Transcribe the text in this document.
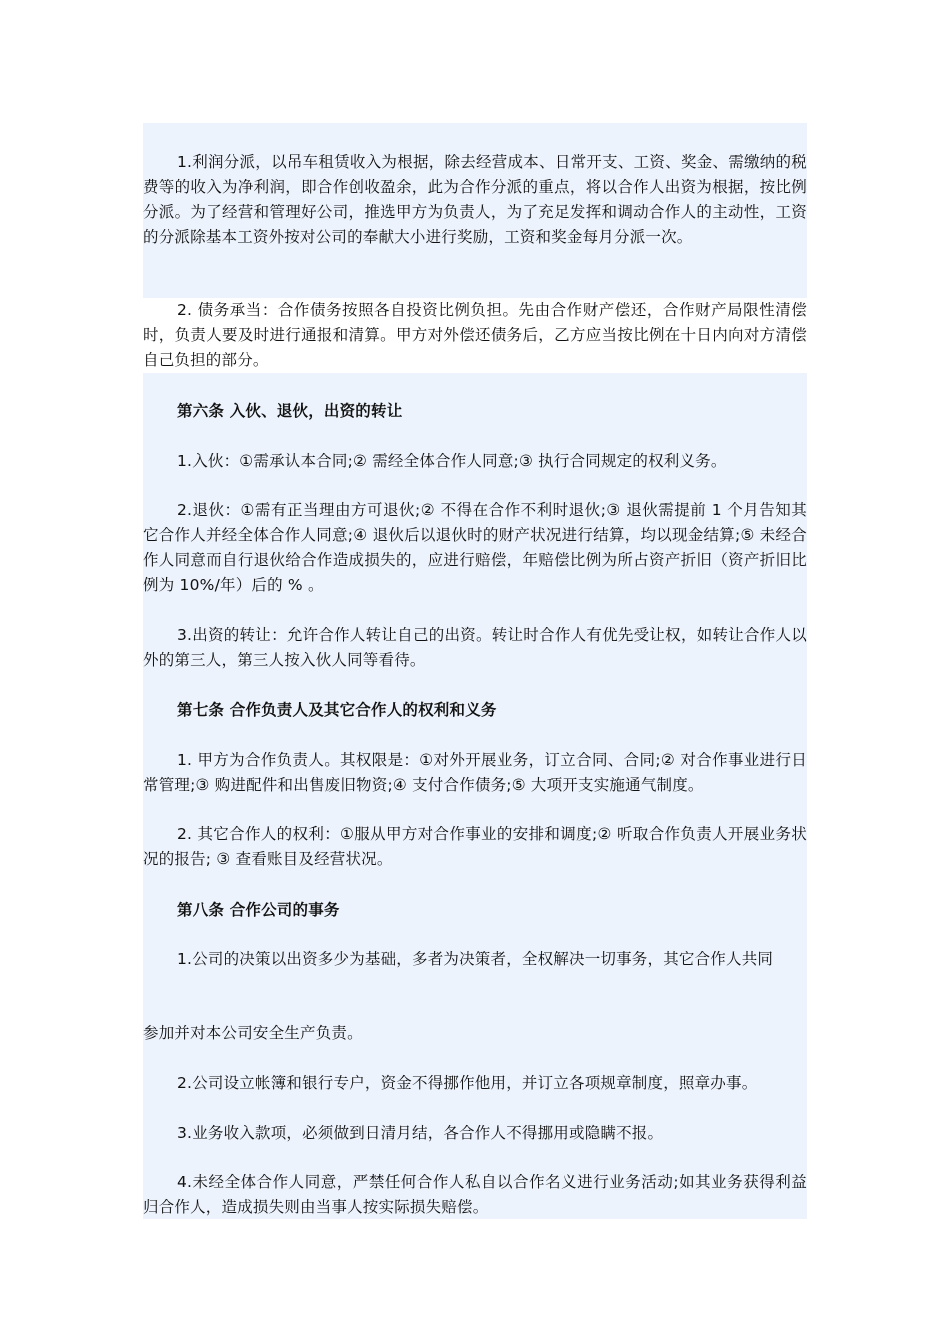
1.利润分派，以吊车租赁收入为根据，除去经营成本、日常开支、工资、奖金、需缴纳的税费等的收入为净利润，即合作创收盈余，此为合作分派的重点，将以合作人出资为根据，按比例分派。为了经营和管理好公司，推选甲方为负责人，为了充足发挥和调动合作人的主动性，工资的分派除基本工资外按对公司的奉献大小进行奖励，工资和奖金每月分派一次。

2. 债务承当：合作债务按照各自投资比例负担。先由合作财产偿还，合作财产局限性清偿时，负责人要及时进行通报和清算。甲方对外偿还债务后，乙方应当按比例在十日内向对方清偿自己负担的部分。

第六条 入伙、退伙，出资的转让

1.入伙：①需承认本合同;② 需经全体合作人同意;③ 执行合同规定的权利义务。

2.退伙：①需有正当理由方可退伙;② 不得在合作不利时退伙;③ 退伙需提前 1 个月告知其它合作人并经全体合作人同意;④ 退伙后以退伙时的财产状况进行结算，均以现金结算;⑤ 未经合作人同意而自行退伙给合作造成损失的，应进行赔偿，年赔偿比例为所占资产折旧（资产折旧比例为 10%/年）后的 % 。

3.出资的转让：允许合作人转让自己的出资。转让时合作人有优先受让权，如转让合作人以外的第三人，第三人按入伙人同等看待。

第七条 合作负责人及其它合作人的权利和义务

1. 甲方为合作负责人。其权限是：①对外开展业务，订立合同、合同;② 对合作事业进行日常管理;③ 购进配件和出售废旧物资;④ 支付合作债务;⑤ 大项开支实施通气制度。

2. 其它合作人的权利：①服从甲方对合作事业的安排和调度;② 听取合作负责人开展业务状况的报告; ③ 查看账目及经营状况。

第八条 合作公司的事务

1.公司的决策以出资多少为基础，多者为决策者，全权解决一切事务，其它合作人共同

参加并对本公司安全生产负责。

2.公司设立帐簿和银行专户，资金不得挪作他用，并订立各项规章制度，照章办事。

3.业务收入款项，必须做到日清月结，各合作人不得挪用或隐瞒不报。

4.未经全体合作人同意，严禁任何合作人私自以合作名义进行业务活动;如其业务获得利益归合作人，造成损失则由当事人按实际损失赔偿。
